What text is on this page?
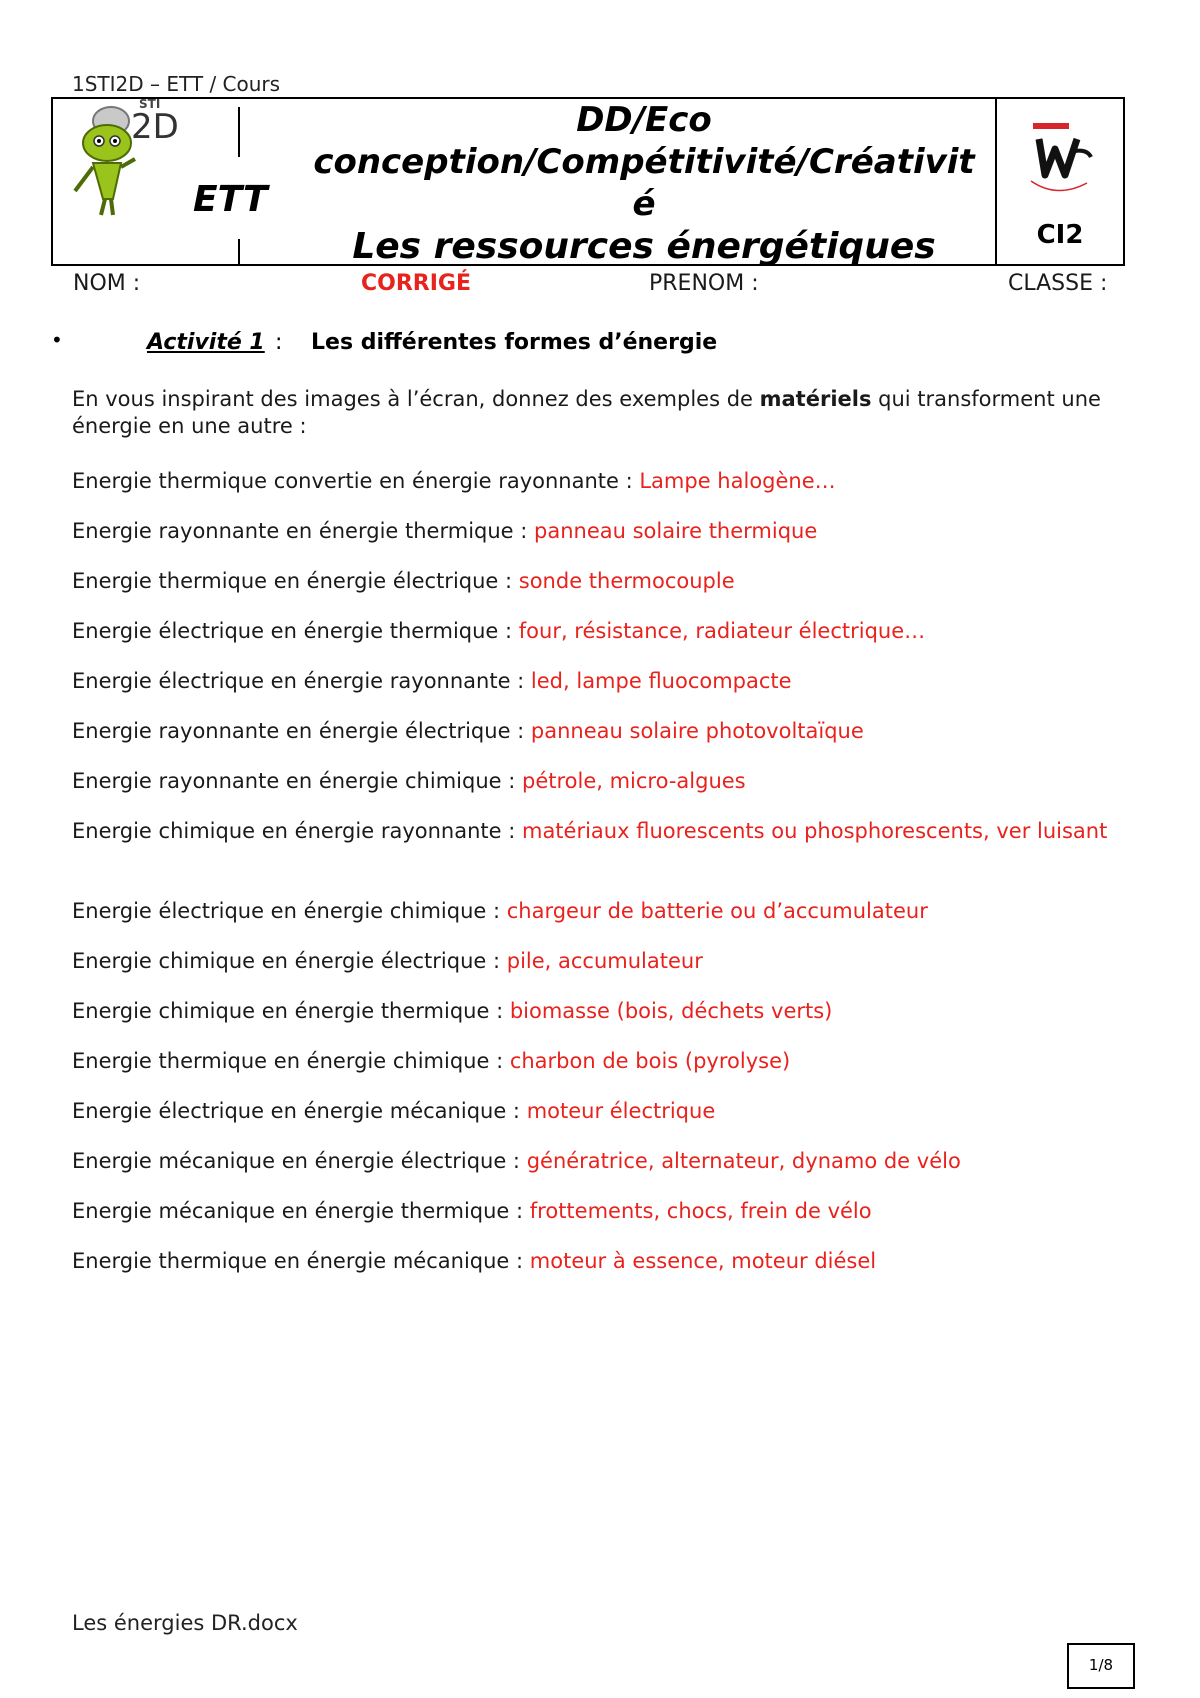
1STI2D – ETT / Cours
STI
2D
ETT
DD/Eco
conception/Compétitivité/Créativit
é
Les ressources énergétiques	CI2
NOM :	CORRIGÉ	PRENOM :	CLASSE :
•	Activité 1 : Les différentes formes d’énergie
En vous inspirant des images à l’écran, donnez des exemples de matériels qui transforment une énergie en une autre :
Energie thermique convertie en énergie rayonnante : Lampe halogène…
Energie rayonnante en énergie thermique : panneau solaire thermique
Energie thermique en énergie électrique : sonde thermocouple
Energie électrique en énergie thermique : four, résistance, radiateur électrique…
Energie électrique en énergie rayonnante : led, lampe fluocompacte
Energie rayonnante en énergie électrique : panneau solaire photovoltaïque
Energie rayonnante en énergie chimique : pétrole, micro-algues
Energie chimique en énergie rayonnante : matériaux fluorescents ou phosphorescents, ver luisant
Energie électrique en énergie chimique : chargeur de batterie ou d’accumulateur
Energie chimique en énergie électrique : pile, accumulateur
Energie chimique en énergie thermique : biomasse (bois, déchets verts)
Energie thermique en énergie chimique : charbon de bois (pyrolyse)
Energie électrique en énergie mécanique : moteur électrique
Energie mécanique en énergie électrique : génératrice, alternateur, dynamo de vélo
Energie mécanique en énergie thermique : frottements, chocs, frein de vélo
Energie thermique en énergie mécanique : moteur à essence, moteur diésel
Les énergies DR.docx
1/8
